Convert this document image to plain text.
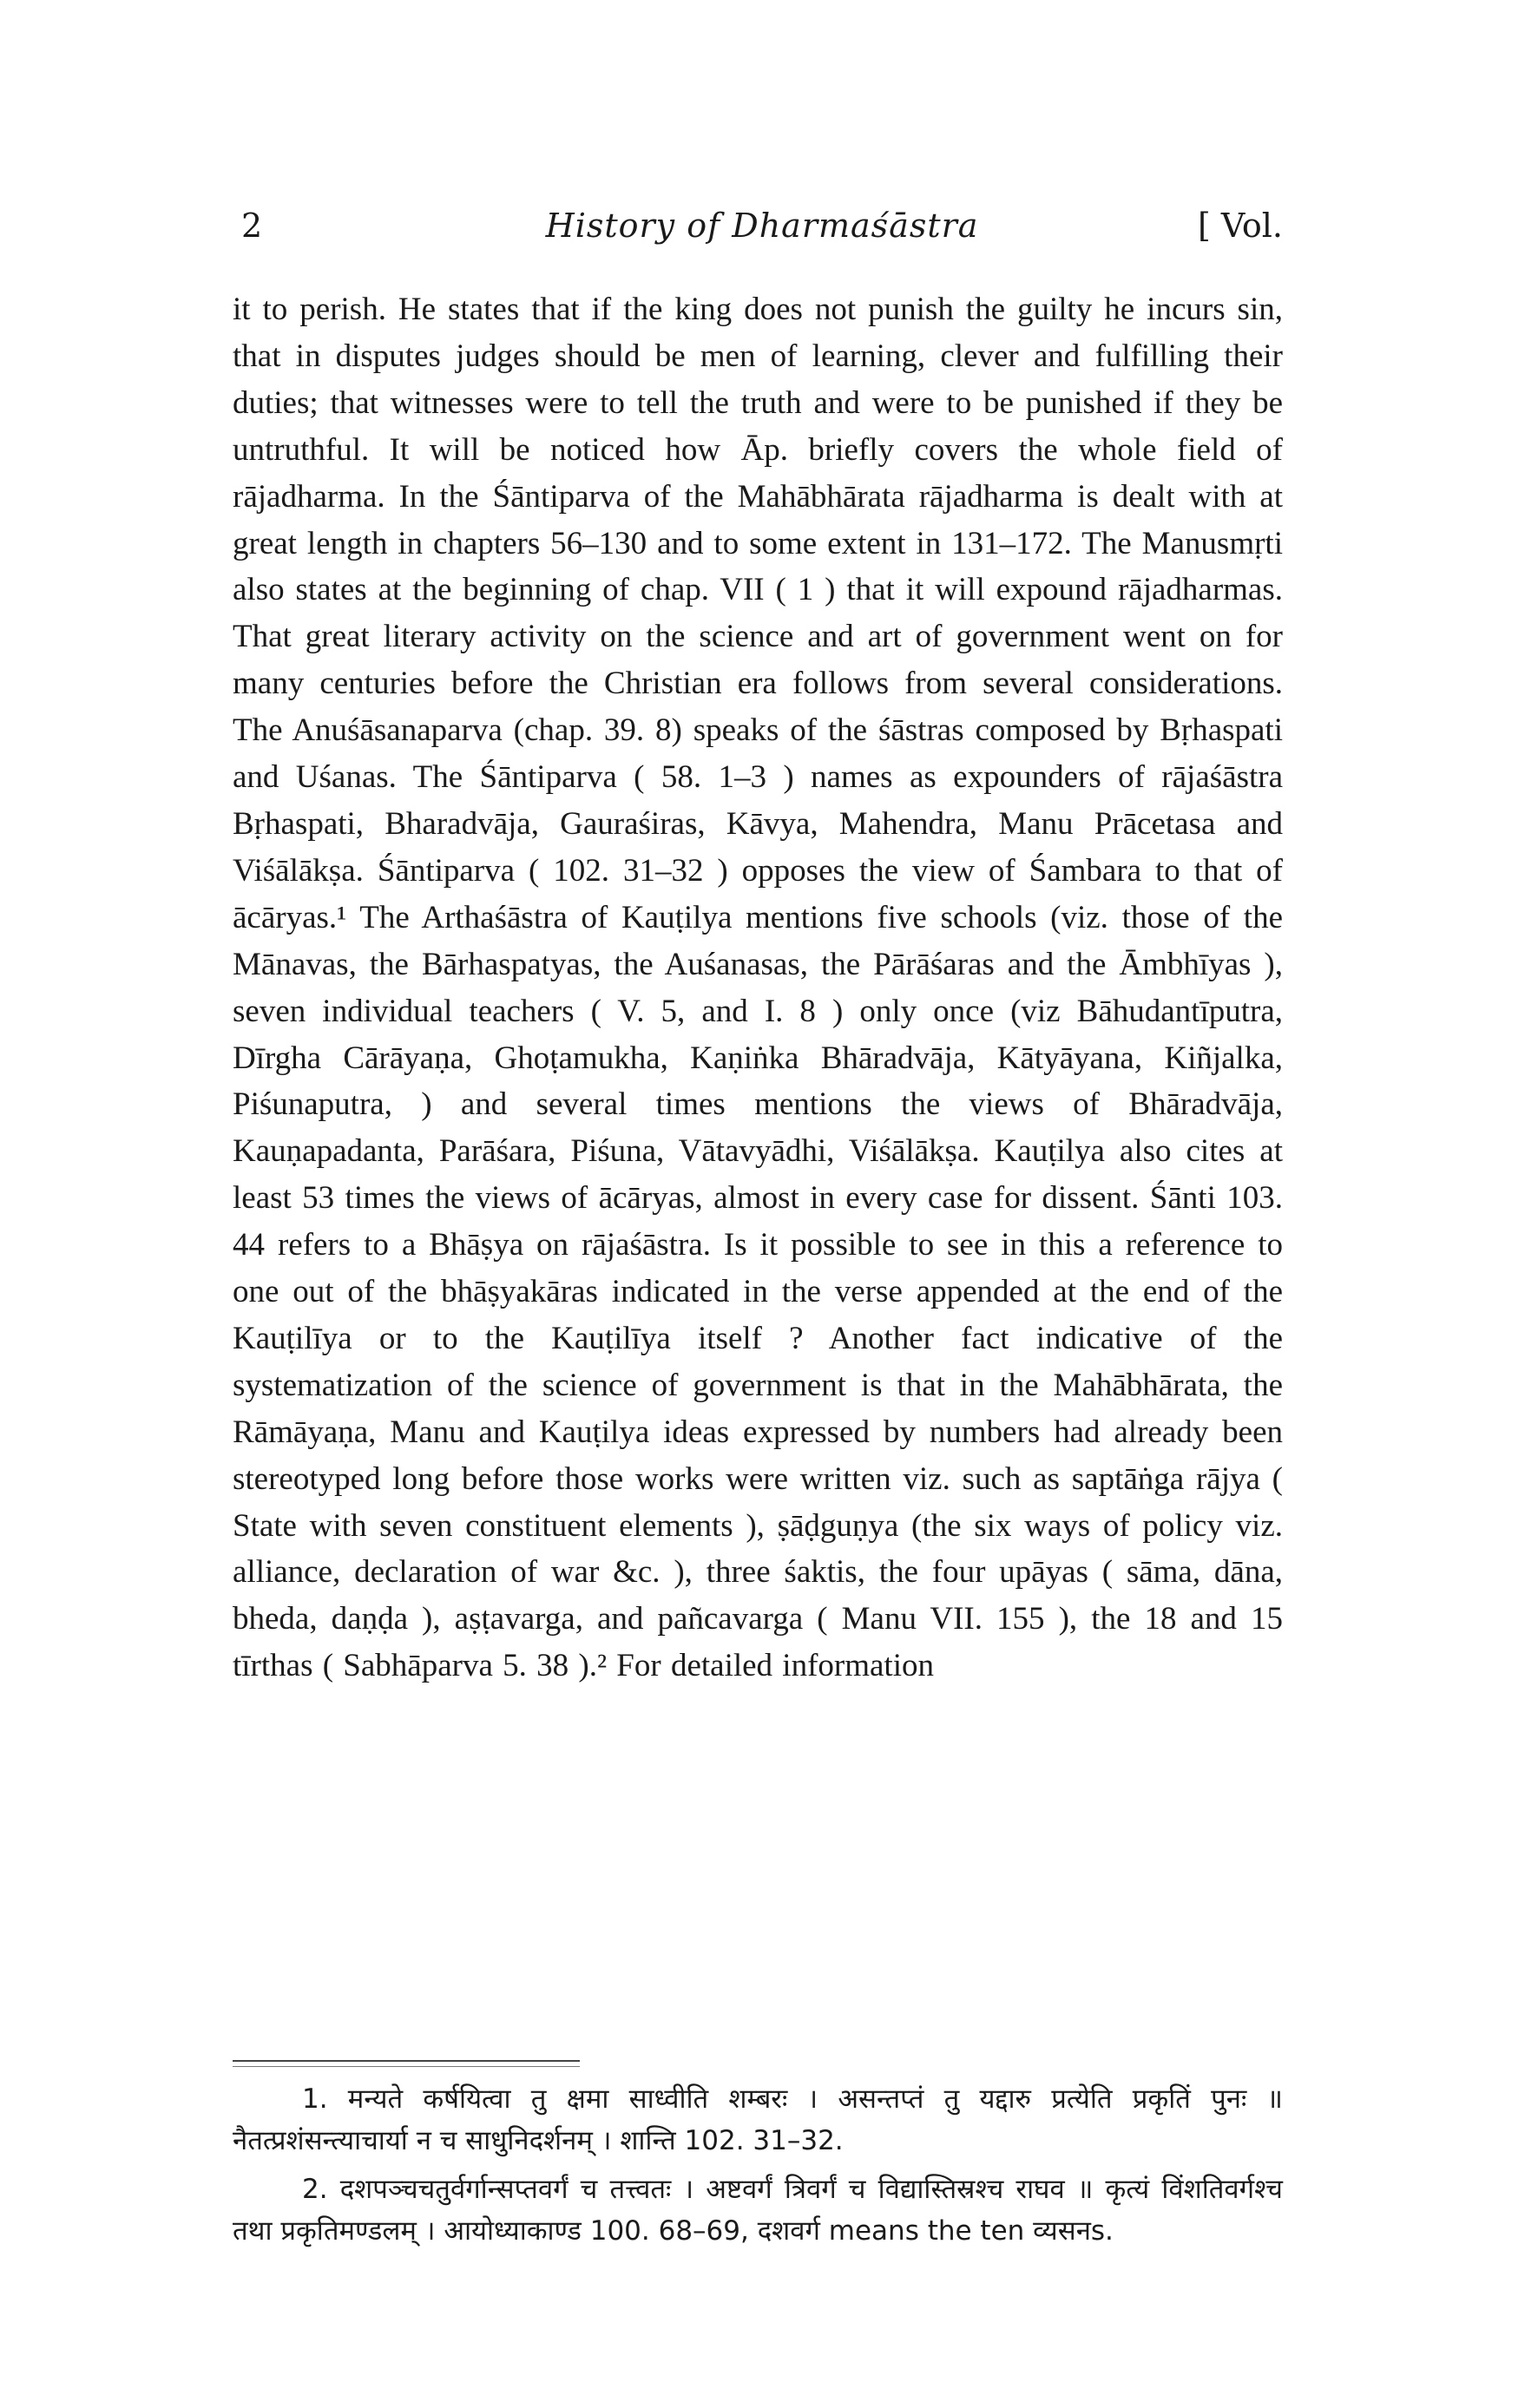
2	History of Dharmaśāstra	[ Vol.

it to perish. He states that if the king does not punish the guilty he incurs sin, that in disputes judges should be men of learning, clever and fulfilling their duties; that witnesses were to tell the truth and were to be punished if they be untruthful. It will be noticed how Āp. briefly covers the whole field of rājadharma. In the Śāntiparva of the Mahābhārata rājadharma is dealt with at great length in chapters 56–130 and to some extent in 131–172. The Manusmṛti also states at the beginning of chap. VII ( 1 ) that it will expound rājadharmas. That great literary activity on the science and art of government went on for many centuries before the Christian era follows from several considerations. The Anuśāsanaparva (chap. 39. 8) speaks of the śāstras composed by Bṛhaspati and Uśanas. The Śāntiparva ( 58. 1–3 ) names as expounders of rājaśāstra Bṛhaspati, Bharadvāja, Gauraśiras, Kāvya, Mahendra, Manu Prācetasa and Viśālākṣa. Śāntiparva ( 102. 31–32 ) opposes the view of Śambara to that of ācāryas.¹ The Arthaśāstra of Kauṭilya mentions five schools (viz. those of the Mānavas, the Bārhaspatyas, the Auśanasas, the Pārāśaras and the Āmbhīyas ), seven individual teachers ( V. 5, and I. 8 ) only once (viz Bāhudantīputra, Dīrgha Cārāyaṇa, Ghoṭamukha, Kaṇiṅka Bhāradvāja, Kātyāyana, Kiñjalka, Piśunaputra, ) and several times mentions the views of Bhāradvāja, Kauṇapadanta, Parāśara, Piśuna, Vātavyādhi, Viśālākṣa. Kauṭilya also cites at least 53 times the views of ācāryas, almost in every case for dissent. Śānti 103. 44 refers to a Bhāṣya on rājaśāstra. Is it possible to see in this a reference to one out of the bhāṣyakāras indicated in the verse appended at the end of the Kauṭilīya or to the Kauṭilīya itself ? Another fact indicative of the systematization of the science of government is that in the Mahābhārata, the Rāmāyaṇa, Manu and Kauṭilya ideas expressed by numbers had already been stereotyped long before those works were written viz. such as saptāṅga rājya ( State with seven constituent elements ), ṣāḍguṇya (the six ways of policy viz. alliance, declaration of war &c. ), three śaktis, the four upāyas ( sāma, dāna, bheda, daṇḍa ), aṣṭavarga, and pañcavarga ( Manu VII. 155 ), the 18 and 15 tīrthas ( Sabhāparva 5. 38 ).² For detailed information

1. मन्यते कर्षयित्वा तु क्षमा साध्वीति शम्बरः । असन्तप्तं तु यद्दारु प्रत्येति प्रकृतिं पुनः ॥ नैतत्प्रशंसन्त्याचार्या न च साधुनिदर्शनम् । शान्ति 102. 31–32.

2. दशपञ्चचतुर्वर्गान्सप्तवर्गं च तत्त्वतः । अष्टवर्गं त्रिवर्गं च विद्यास्तिस्रश्च राघव ॥ कृत्यं विंशतिवर्गश्च तथा प्रकृतिमण्डलम् । आयोध्याकाण्ड 100. 68–69, दशवर्ग means the ten व्यसनs.
